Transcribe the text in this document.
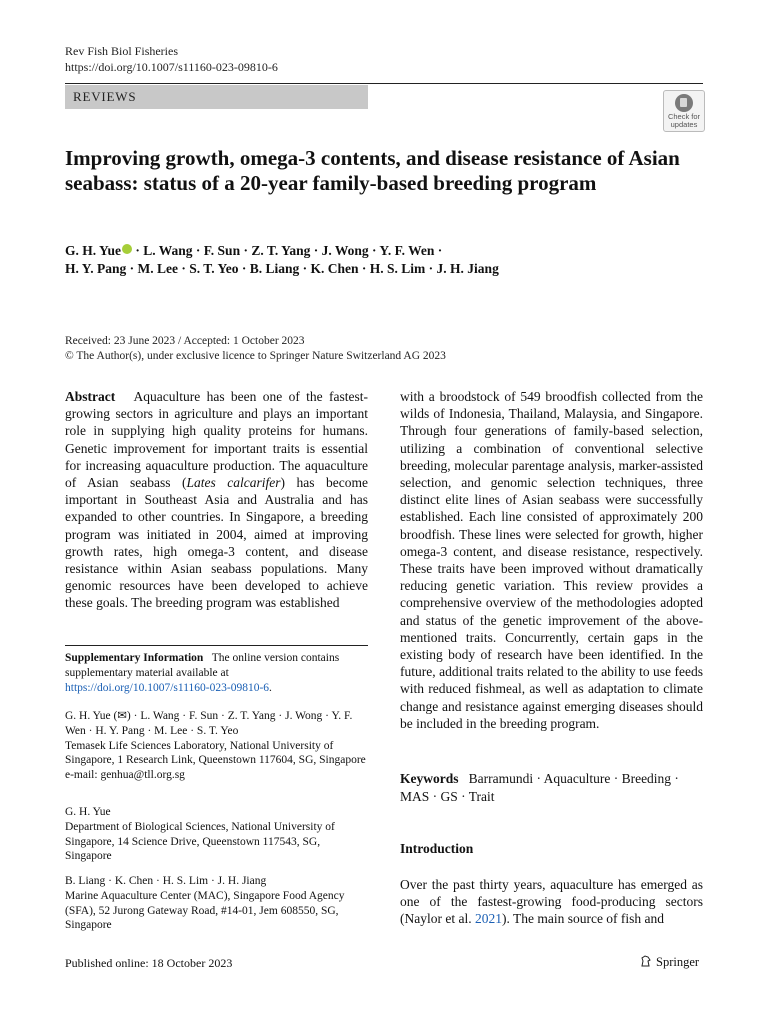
Rev Fish Biol Fisheries
https://doi.org/10.1007/s11160-023-09810-6
REVIEWS
Check for updates
Improving growth, omega-3 contents, and disease resistance of Asian seabass: status of a 20-year family-based breeding program
G. H. Yue · L. Wang · F. Sun · Z. T. Yang · J. Wong · Y. F. Wen ·
H. Y. Pang · M. Lee · S. T. Yeo · B. Liang · K. Chen · H. S. Lim · J. H. Jiang
Received: 23 June 2023 / Accepted: 1 October 2023
© The Author(s), under exclusive licence to Springer Nature Switzerland AG 2023
Abstract Aquaculture has been one of the fastest-growing sectors in agriculture and plays an important role in supplying high quality proteins for humans. Genetic improvement for important traits is essential for increasing aquaculture production. The aquaculture of Asian seabass (Lates calcarifer) has become important in Southeast Asia and Australia and has expanded to other countries. In Singapore, a breeding program was initiated in 2004, aimed at improving growth rates, high omega-3 content, and disease resistance within Asian seabass populations. Many genomic resources have been developed to achieve these goals. The breeding program was established
with a broodstock of 549 broodfish collected from the wilds of Indonesia, Thailand, Malaysia, and Singapore. Through four generations of family-based selection, utilizing a combination of conventional selective breeding, molecular parentage analysis, marker-assisted selection, and genomic selection techniques, three distinct elite lines of Asian seabass were successfully established. Each line consisted of approximately 200 broodfish. These lines were selected for growth, higher omega-3 content, and disease resistance, respectively. These traits have been improved without dramatically reducing genetic variation. This review provides a comprehensive overview of the methodologies adopted and status of the genetic improvement of the above-mentioned traits. Concurrently, certain gaps in the existing body of research have been identified. In the future, additional traits related to the ability to use feeds with reduced fishmeal, as well as adaptation to climate change and resistance against emerging diseases should be included in the breeding program.
Supplementary Information The online version contains supplementary material available at https://doi.org/10.1007/s11160-023-09810-6.
G. H. Yue (✉) · L. Wang · F. Sun · Z. T. Yang · J. Wong · Y. F. Wen · H. Y. Pang · M. Lee · S. T. Yeo
Temasek Life Sciences Laboratory, National University of Singapore, 1 Research Link, Queenstown 117604, SG, Singapore
e-mail: genhua@tll.org.sg
G. H. Yue
Department of Biological Sciences, National University of Singapore, 14 Science Drive, Queenstown 117543, SG, Singapore
B. Liang · K. Chen · H. S. Lim · J. H. Jiang
Marine Aquaculture Center (MAC), Singapore Food Agency (SFA), 52 Jurong Gateway Road, #14-01, Jem 608550, SG, Singapore
Keywords Barramundi · Aquaculture · Breeding · MAS · GS · Trait
Introduction
Over the past thirty years, aquaculture has emerged as one of the fastest-growing food-producing sectors (Naylor et al. 2021). The main source of fish and
Published online: 18 October 2023	Springer
